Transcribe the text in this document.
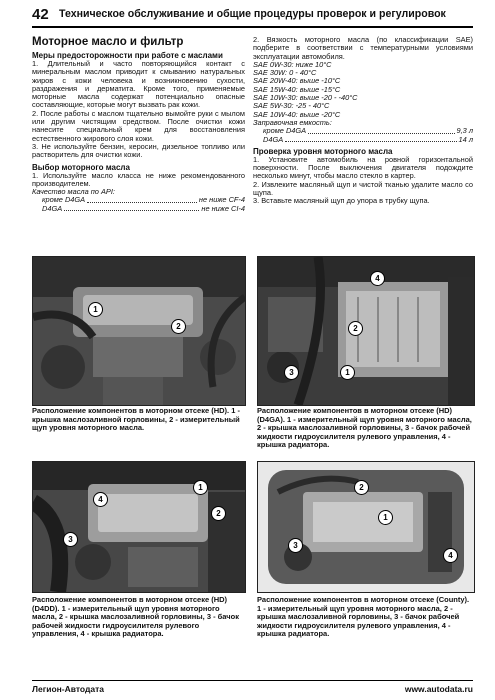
42 Техническое обслуживание и общие процедуры проверок и регулировок

Моторное масло и фильтр

Меры предосторожности при работе с маслами

1. Длительный и часто повторяющийся контакт с минеральным маслом приводит к смыванию натуральных жиров с кожи человека и возникновению сухости, раздражения и дерматита. Кроме того, применяемые моторные масла содержат потенциально опасные составляющие, которые могут вызвать рак кожи.

2. После работы с маслом тщательно вымойте руки с мылом или другим чистящим средством. После очистки кожи нанесите специальный крем для восстановления естественного жирового слоя кожи.

3. Не используйте бензин, керосин, дизельное топливо или растворитель для очистки кожи.

Выбор моторного масла

1. Используйте масло класса не ниже рекомендованного производителем.

Качество масла по API:

кроме D4GA	не ниже CF-4
D4GA	не ниже CI-4

2. Вязкость моторного масла (по классификации SAE) подберите в соответствии с температурными условиями эксплуатации автомобиля.

SAE 0W-30: ниже 10°C

SAE 30W: 0 - 40°C

SAE 20W-40: выше -10°C

SAE 15W-40: выше -15°C

SAE 10W-30: выше -20 - -40°C

SAE 5W-30: -25 - 40°C

SAE 10W-40: выше -20°C

Заправочная емкость:

кроме D4GA	9,3 л
D4GA	14 л

Проверка уровня моторного масла

1. Установите автомобиль на ровной горизонтальной поверхности. После выключения двигателя подождите несколько минут, чтобы масло стекло в картер.

2. Извлеките масляный щуп и чистой тканью удалите масло со щупа.

3. Вставьте масляный щуп до упора в трубку щупа.

1
2
Расположение компонентов в моторном отсеке (HD). 1 - крышка маслозаливной горловины, 2 - измерительный щуп уровня моторного масла.
1
2
3
4
Расположение компонентов в моторном отсеке (HD) (D4GA). 1 - измерительный щуп уровня моторного масла, 2 - крышка маслозаливной горловины, 3 - бачок рабочей жидкости гидроусилителя рулевого управления, 4 - крышка радиатора.
1
2
3
4
Расположение компонентов в моторном отсеке (HD) (D4DD). 1 - измерительный щуп уровня моторного масла, 2 - крышка маслозаливной горловины, 3 - бачок рабочей жидкости гидроусилителя рулевого управления, 4 - крышка радиатора.
1
2
3
4
Расположение компонентов в моторном отсеке (County). 1 - измерительный щуп уровня моторного масла, 2 - крышка маслозаливной горловины, 3 - бачок рабочей жидкости гидроусилителя рулевого управления, 4 - крышка радиатора.
Легион-Автодата	www.autodata.ru
